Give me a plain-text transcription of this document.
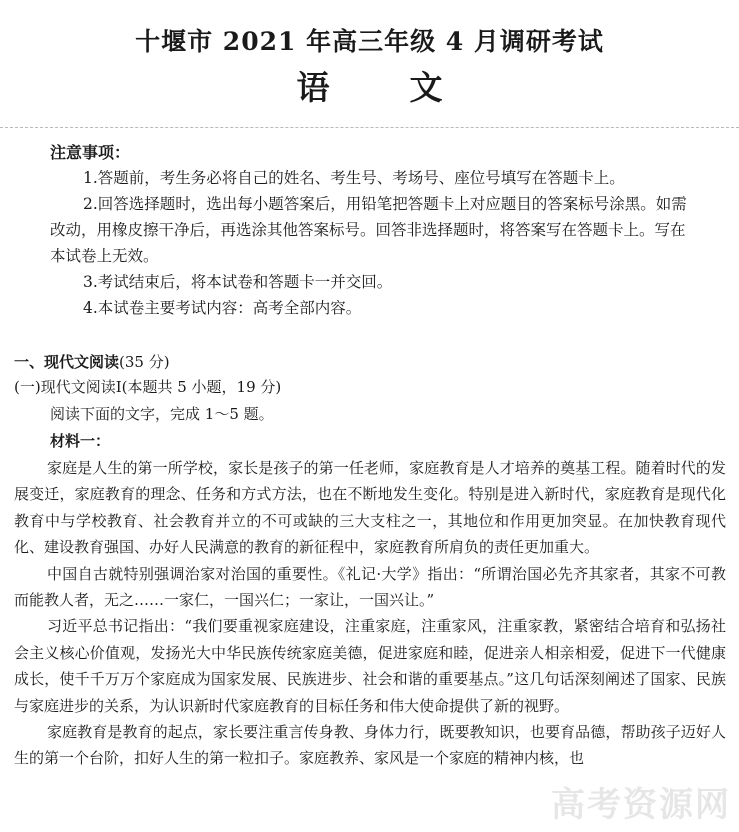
十堰市 2021 年高三年级 4 月调研考试
语文
注意事项：

1.答题前，考生务必将自己的姓名、考生号、考场号、座位号填写在答题卡上。

2.回答选择题时，选出每小题答案后，用铅笔把答题卡上对应题目的答案标号涂黑。如需改动，用橡皮擦干净后，再选涂其他答案标号。回答非选择题时，将答案写在答题卡上。写在本试卷上无效。

3.考试结束后，将本试卷和答题卡一并交回。

4.本试卷主要考试内容：高考全部内容。

一、现代文阅读(35 分)
(一)现代文阅读Ⅰ(本题共 5 小题，19 分)
阅读下面的文字，完成 1～5 题。
材料一：

家庭是人生的第一所学校，家长是孩子的第一任老师，家庭教育是人才培养的奠基工程。随着时代的发展变迁，家庭教育的理念、任务和方式方法，也在不断地发生变化。特别是进入新时代，家庭教育是现代化教育中与学校教育、社会教育并立的不可或缺的三大支柱之一，其地位和作用更加突显。在加快教育现代化、建设教育强国、办好人民满意的教育的新征程中，家庭教育所肩负的责任更加重大。

中国自古就特别强调治家对治国的重要性。《礼记·大学》指出：“所谓治国必先齐其家者，其家不可教而能教人者，无之……一家仁，一国兴仁；一家让，一国兴让。”

习近平总书记指出：“我们要重视家庭建设，注重家庭，注重家风，注重家教，紧密结合培育和弘扬社会主义核心价值观，发扬光大中华民族传统家庭美德，促进家庭和睦，促进亲人相亲相爱，促进下一代健康成长，使千千万万个家庭成为国家发展、民族进步、社会和谐的重要基点。”这几句话深刻阐述了国家、民族与家庭进步的关系，为认识新时代家庭教育的目标任务和伟大使命提供了新的视野。

家庭教育是教育的起点，家长要注重言传身教、身体力行，既要教知识，也要育品德，帮助孩子迈好人生的第一个台阶，扣好人生的第一粒扣子。家庭教养、家风是一个家庭的精神内核，也

高考资源网
